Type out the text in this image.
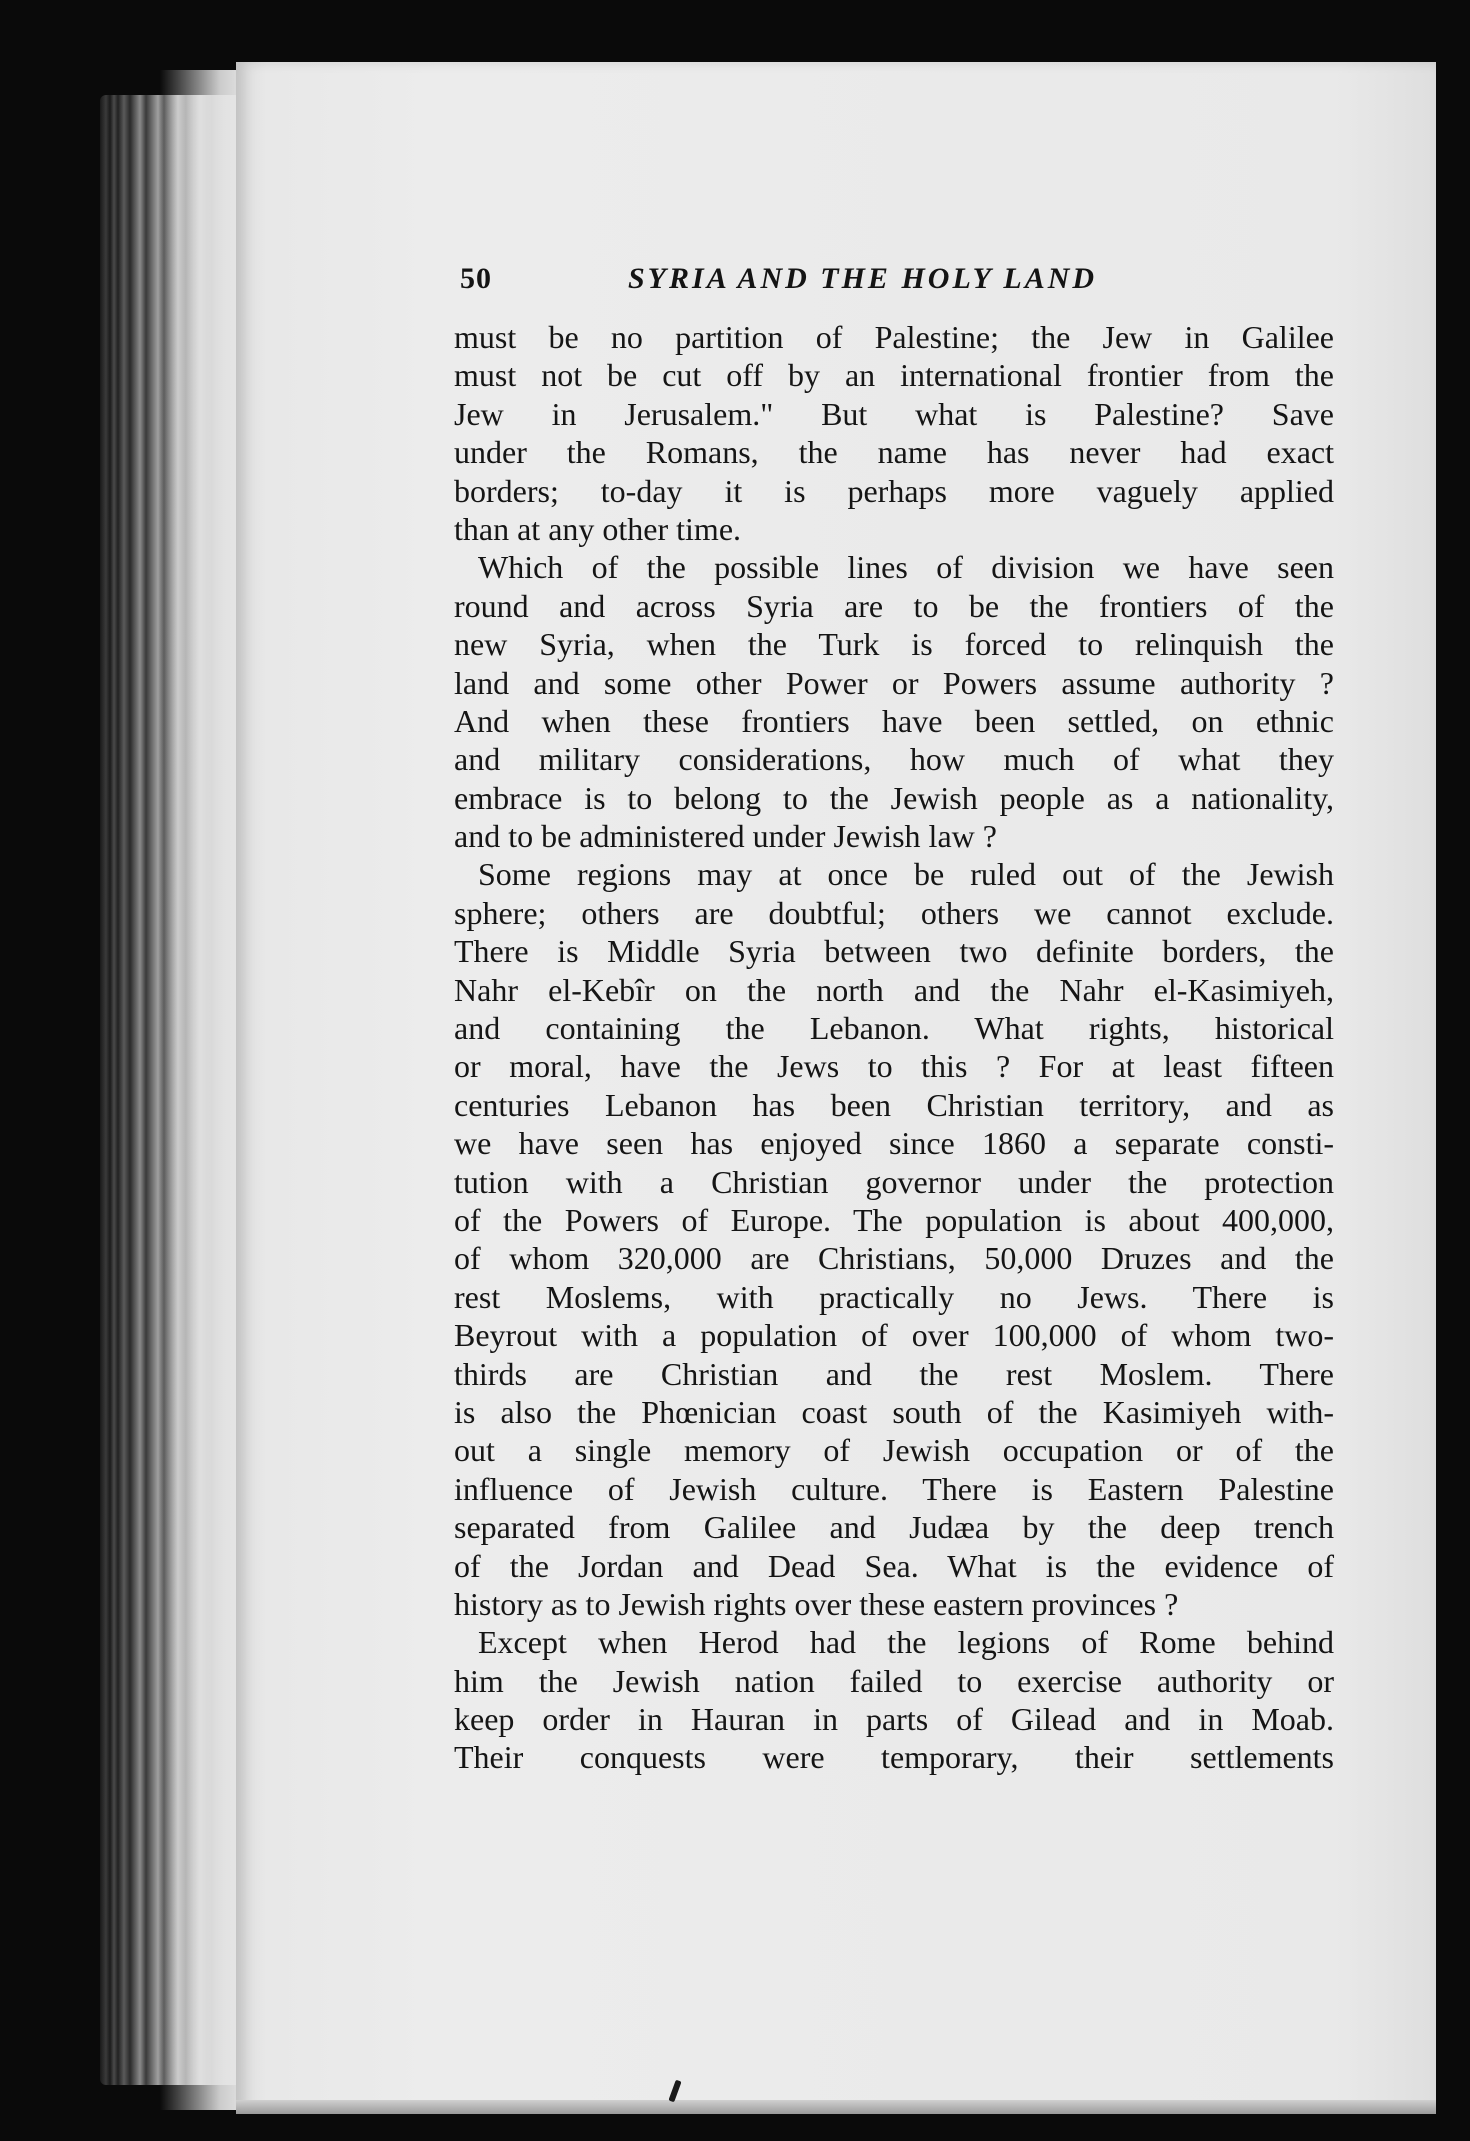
50	SYRIA AND THE HOLY LAND
must be no partition of Palestine; the Jew in Galilee
must not be cut off by an international frontier from the
Jew in Jerusalem." But what is Palestine? Save
under the Romans, the name has never had exact
borders; to-day it is perhaps more vaguely applied
than at any other time.
Which of the possible lines of division we have seen
round and across Syria are to be the frontiers of the
new Syria, when the Turk is forced to relinquish the
land and some other Power or Powers assume authority ?
And when these frontiers have been settled, on ethnic
and military considerations, how much of what they
embrace is to belong to the Jewish people as a nationality,
and to be administered under Jewish law ?
Some regions may at once be ruled out of the Jewish
sphere; others are doubtful; others we cannot exclude.
There is Middle Syria between two definite borders, the
Nahr el-Kebîr on the north and the Nahr el-Kasimiyeh,
and containing the Lebanon. What rights, historical
or moral, have the Jews to this ? For at least fifteen
centuries Lebanon has been Christian territory, and as
we have seen has enjoyed since 1860 a separate consti-
tution with a Christian governor under the protection
of the Powers of Europe. The population is about 400,000,
of whom 320,000 are Christians, 50,000 Druzes and the
rest Moslems, with practically no Jews. There is
Beyrout with a population of over 100,000 of whom two-
thirds are Christian and the rest Moslem. There
is also the Phœnician coast south of the Kasimiyeh with-
out a single memory of Jewish occupation or of the
influence of Jewish culture. There is Eastern Palestine
separated from Galilee and Judæa by the deep trench
of the Jordan and Dead Sea. What is the evidence of
history as to Jewish rights over these eastern provinces ?
Except when Herod had the legions of Rome behind
him the Jewish nation failed to exercise authority or
keep order in Hauran in parts of Gilead and in Moab.
Their conquests were temporary, their settlements
